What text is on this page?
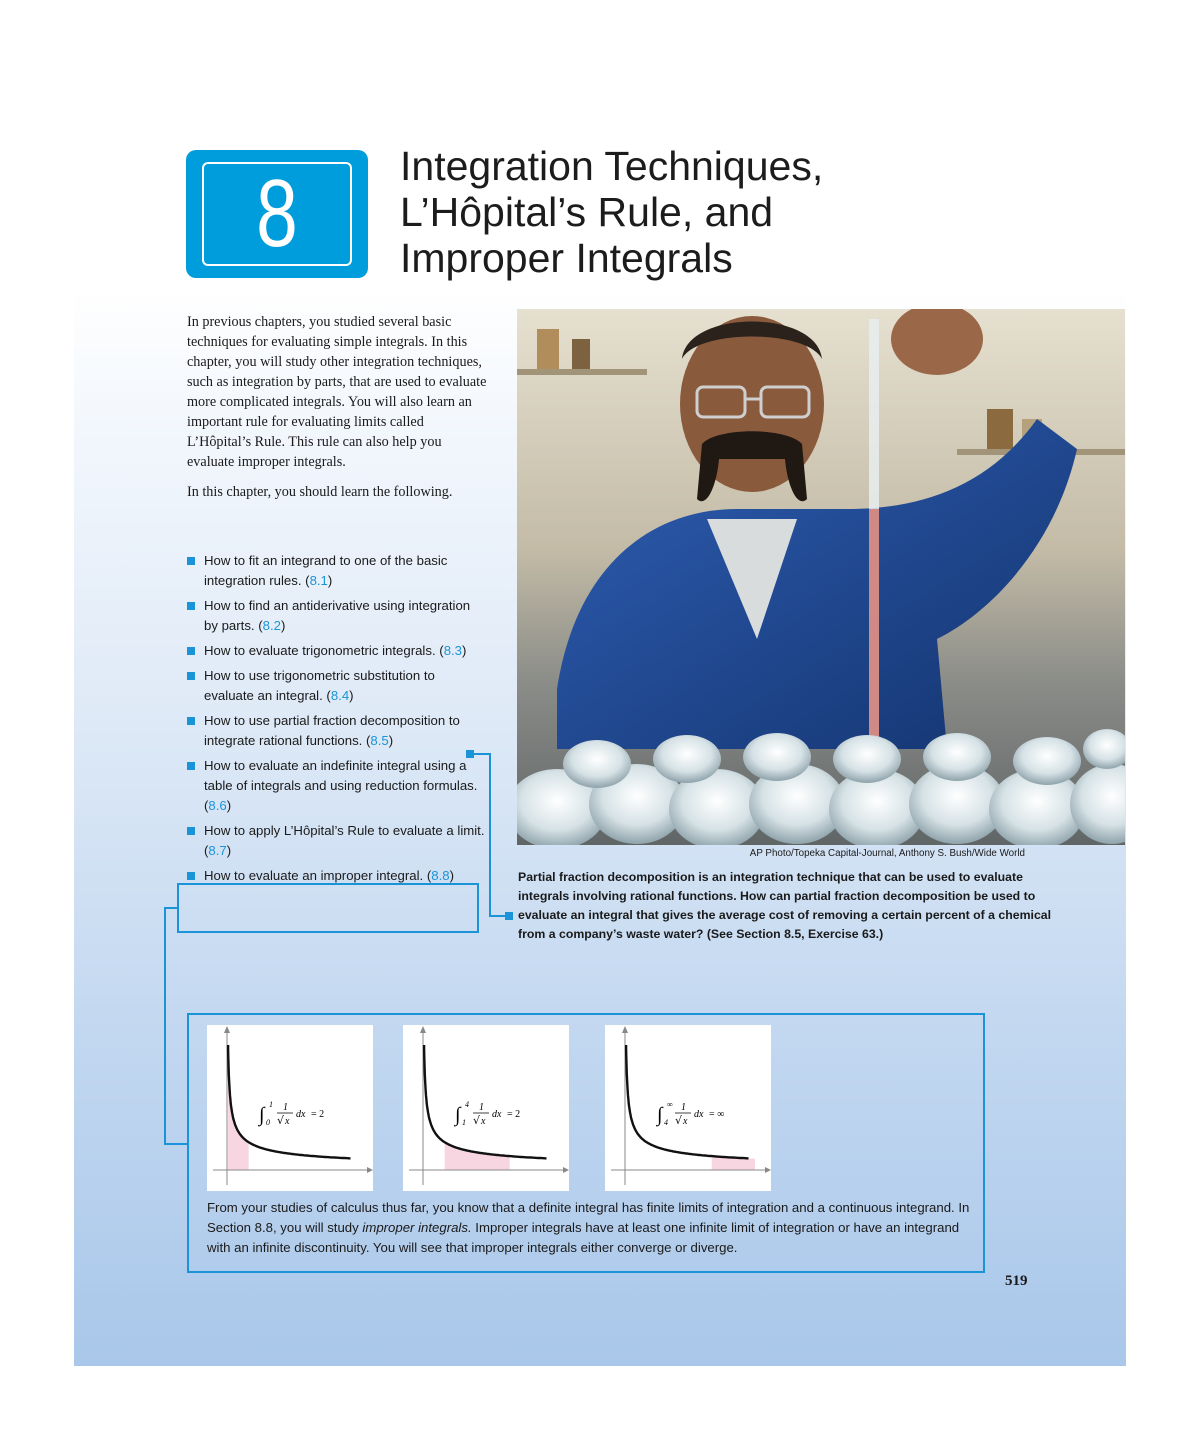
8	Integration Techniques,
L’Hôpital’s Rule, and
Improper Integrals

In previous chapters, you studied several basic techniques for evaluating simple integrals. In this chapter, you will study other integration techniques, such as integration by parts, that are used to evaluate more complicated integrals. You will also learn an important rule for evaluating limits called L’Hôpital’s Rule. This rule can also help you evaluate improper integrals.

In this chapter, you should learn the following.

How to fit an integrand to one of the basic integration rules. (8.1)
How to find an antiderivative using integration by parts. (8.2)
How to evaluate trigonometric integrals. (8.3)
How to use trigonometric substitution to evaluate an integral. (8.4)
How to use partial fraction decomposition to integrate rational functions. (8.5)
How to evaluate an indefinite integral using a table of integrals and using reduction formulas. (8.6)
How to apply L’Hôpital’s Rule to evaluate a limit. (8.7)
How to evaluate an improper integral. (8.8)
AP Photo/Topeka Capital-Journal, Anthony S. Bush/Wide World
Partial fraction decomposition is an integration technique that can be used to evaluate integrals involving rational functions. How can partial fraction decomposition be used to evaluate an integral that gives the average cost of removing a certain percent of a chemical from a company’s waste water? (See Section 8.5, Exercise 63.)
∫ 1
0
1
√ x
dx = 2	∫ 4
1
1
√ x
dx = 2	∫ ∞
4
1
√ x
dx = ∞
From your studies of calculus thus far, you know that a definite integral has finite limits of integration and a continuous integrand. In Section 8.8, you will study improper integrals. Improper integrals have at least one infinite limit of integration or have an integrand with an infinite discontinuity. You will see that improper integrals either converge or diverge.
519
